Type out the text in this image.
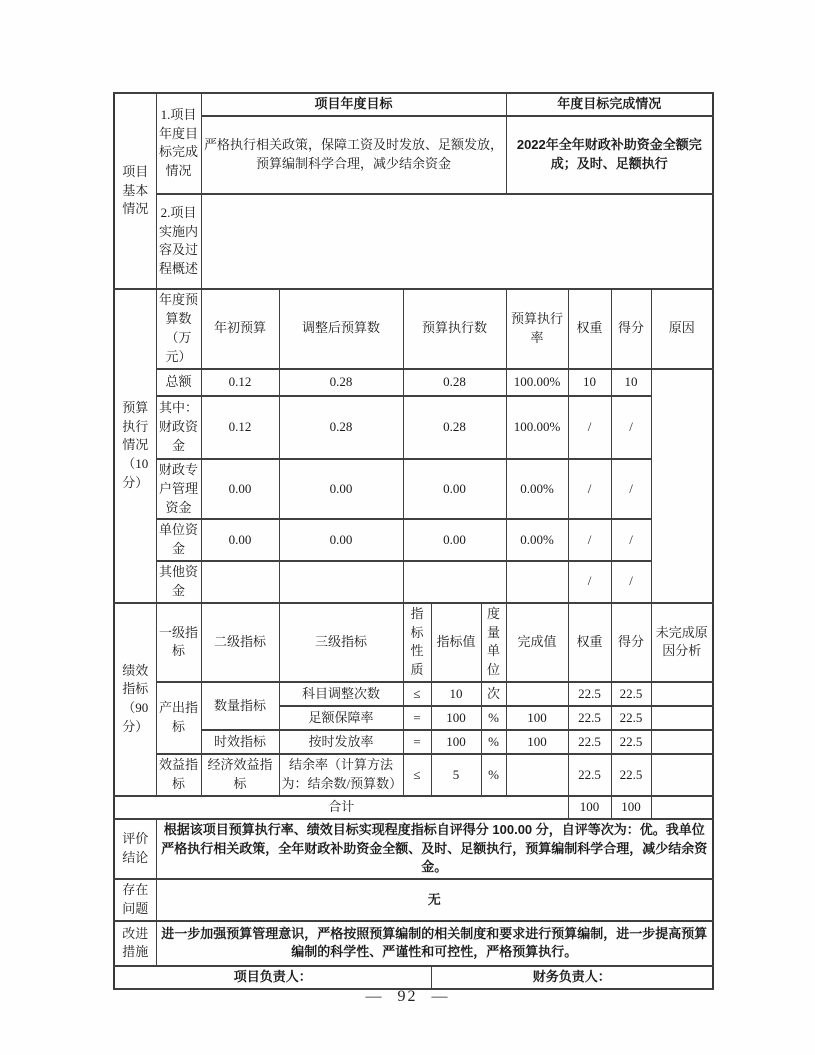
项目基本情况	1.项目年度目标完成情况	项目年度目标					年度目标完成情况			
		严格执行相关政策，保障工资及时发放、足额发放，预算编制科学合理，减少结余资金					2022年全年财政补助资金全额完成；及时、足额执行			
	2.项目实施内容及过程概述									
预算执行情况（10分）	年度预算数（万元）	年初预算	调整后预算数	预算执行数			预算执行率	权重	得分	原因
	总额	0.12	0.28	0.28			100.00%	10	10	
	其中：财政资金	0.12	0.28	0.28			100.00%	/	/	
	财政专户管理资金	0.00	0.00	0.00			0.00%	/	/	
	单位资金	0.00	0.00	0.00			0.00%	/	/	
	其他资金							/	/	
绩效指标（90分）	一级指标	二级指标	三级指标	指标性质	指标值	度量单位	完成值	权重	得分	未完成原因分析
	产出指标	数量指标	科目调整次数	≤	10	次		22.5	22.5	
			足额保障率	=	100	%	100	22.5	22.5	
		时效指标	按时发放率	=	100	%	100	22.5	22.5	
	效益指标	经济效益指标	结余率（计算方法为：结余数/预算数）	≤	5	%		22.5	22.5	
合计								100	100	
评价结论	根据该项目预算执行率、绩效目标实现程度指标自评得分 100.00 分，自评等次为：优。我单位严格执行相关政策，全年财政补助资金全额、及时、足额执行，预算编制科学合理，减少结余资金。									
存在问题	无									
改进措施	进一步加强预算管理意识，严格按照预算编制的相关制度和要求进行预算编制，进一步提高预算编制的科学性、严谨性和可控性，严格预算执行。									
项目负责人：					财务负责人：					
— 92 —
